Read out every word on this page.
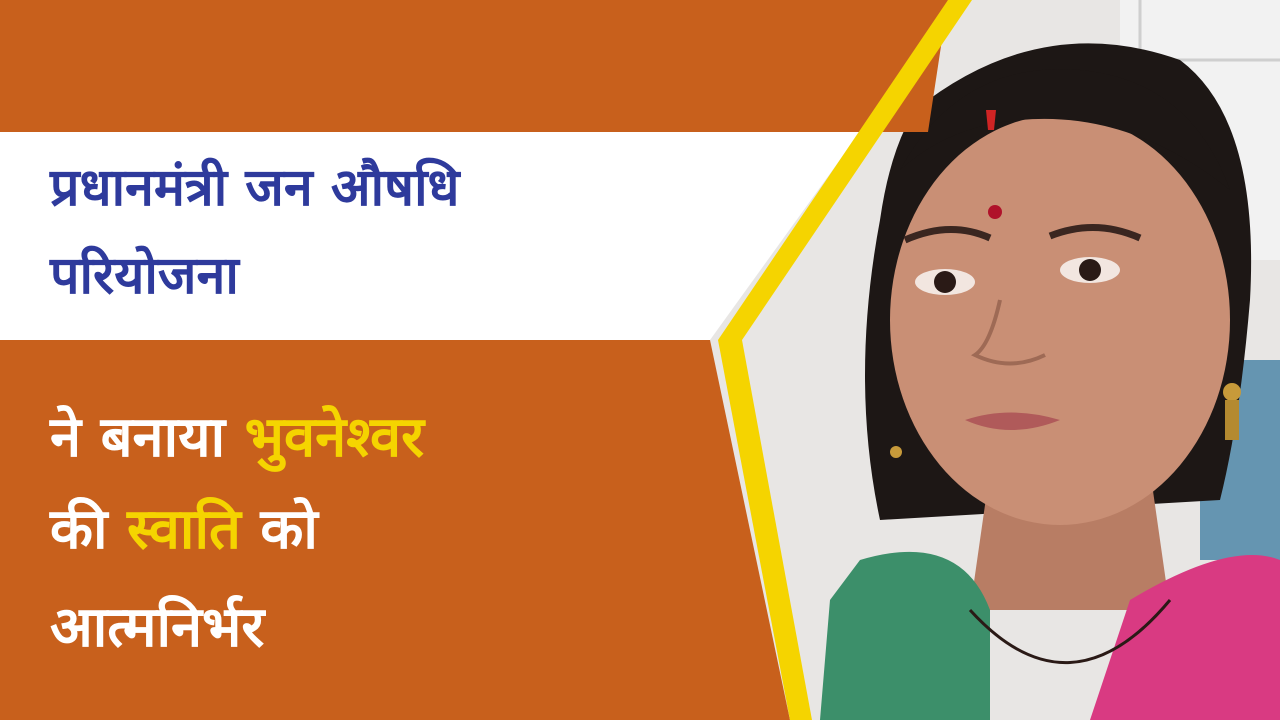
प्रधानमंत्री जन औषधि

परियोजना

ने बनाया भुवनेश्वर

की स्वाति को

आत्मनिर्भर
